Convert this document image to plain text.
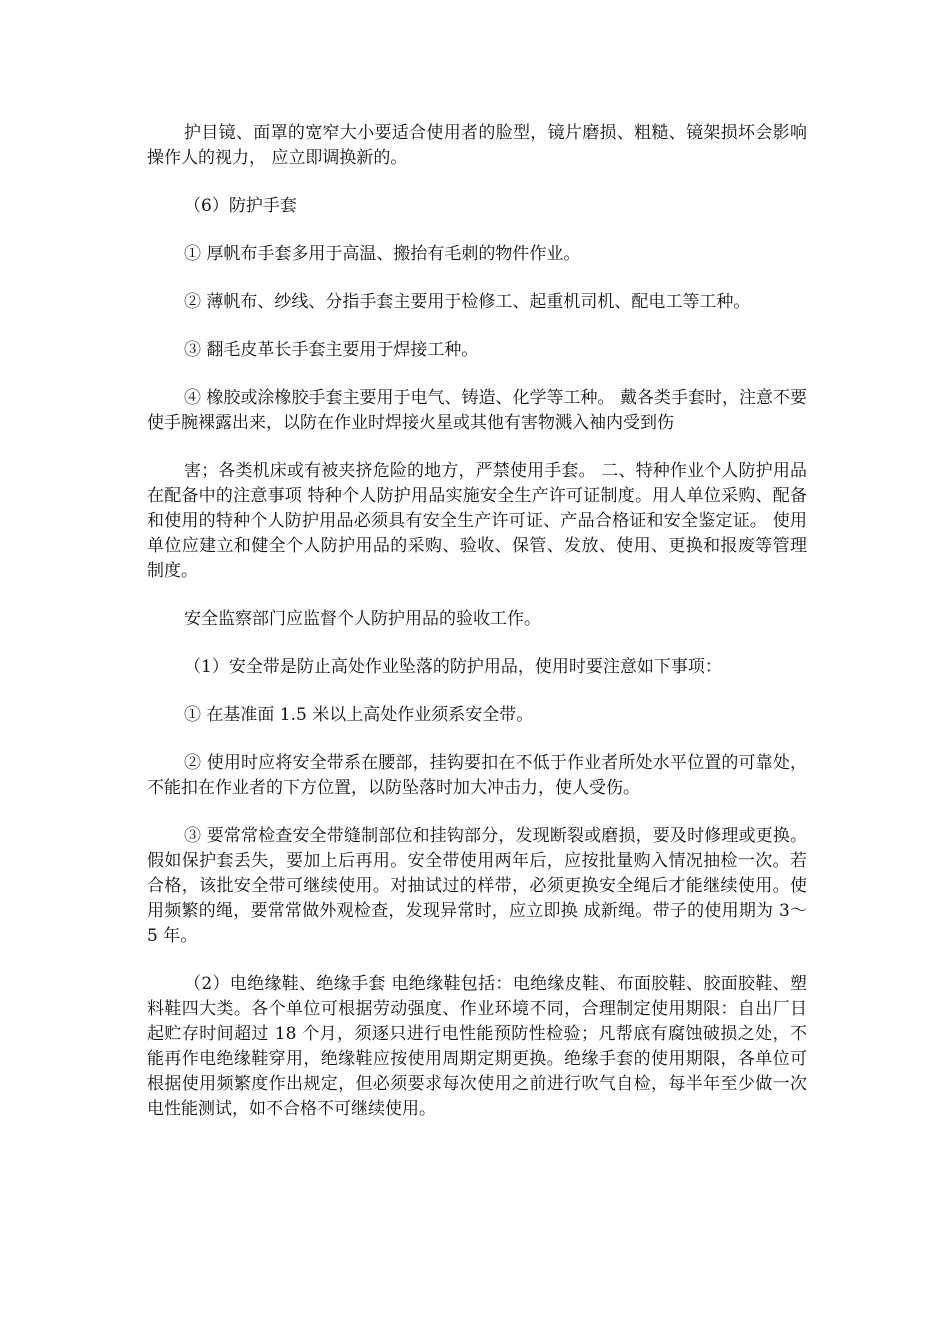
护目镜、面罩的宽窄大小要适合使用者的脸型，镜片磨损、粗糙、镜架损坏会影响操作人的视力， 应立即调换新的。

（6）防护手套

① 厚帆布手套多用于高温、搬抬有毛刺的物件作业。

② 薄帆布、纱线、分指手套主要用于检修工、起重机司机、配电工等工种。

③ 翻毛皮革长手套主要用于焊接工种。

④ 橡胶或涂橡胶手套主要用于电气、铸造、化学等工种。 戴各类手套时，注意不要使手腕裸露出来，以防在作业时焊接火星或其他有害物溅入袖内受到伤

害；各类机床或有被夹挤危险的地方，严禁使用手套。 二、特种作业个人防护用品在配备中的注意事项 特种个人防护用品实施安全生产许可证制度。用人单位采购、配备和使用的特种个人防护用品必须具有安全生产许可证、产品合格证和安全鉴定证。 使用单位应建立和健全个人防护用品的采购、验收、保管、发放、使用、更换和报废等管理制度。

安全监察部门应监督个人防护用品的验收工作。

（1）安全带是防止高处作业坠落的防护用品，使用时要注意如下事项：

① 在基准面 1.5 米以上高处作业须系安全带。

② 使用时应将安全带系在腰部，挂钩要扣在不低于作业者所处水平位置的可靠处，不能扣在作业者的下方位置，以防坠落时加大冲击力，使人受伤。

③ 要常常检查安全带缝制部位和挂钩部分，发现断裂或磨损，要及时修理或更换。假如保护套丢失，要加上后再用。安全带使用两年后，应按批量购入情况抽检一次。若合格，该批安全带可继续使用。对抽试过的样带，必须更换安全绳后才能继续使用。使用频繁的绳，要常常做外观检查，发现异常时，应立即换 成新绳。带子的使用期为 3～5 年。

（2）电绝缘鞋、绝缘手套 电绝缘鞋包括：电绝缘皮鞋、布面胶鞋、胶面胶鞋、塑料鞋四大类。各个单位可根据劳动强度、作业环境不同，合理制定使用期限：自出厂日起贮存时间超过 18 个月，须逐只进行电性能预防性检验；凡帮底有腐蚀破损之处，不能再作电绝缘鞋穿用，绝缘鞋应按使用周期定期更换。绝缘手套的使用期限，各单位可根据使用频繁度作出规定，但必须要求每次使用之前进行吹气自检，每半年至少做一次电性能测试，如不合格不可继续使用。
